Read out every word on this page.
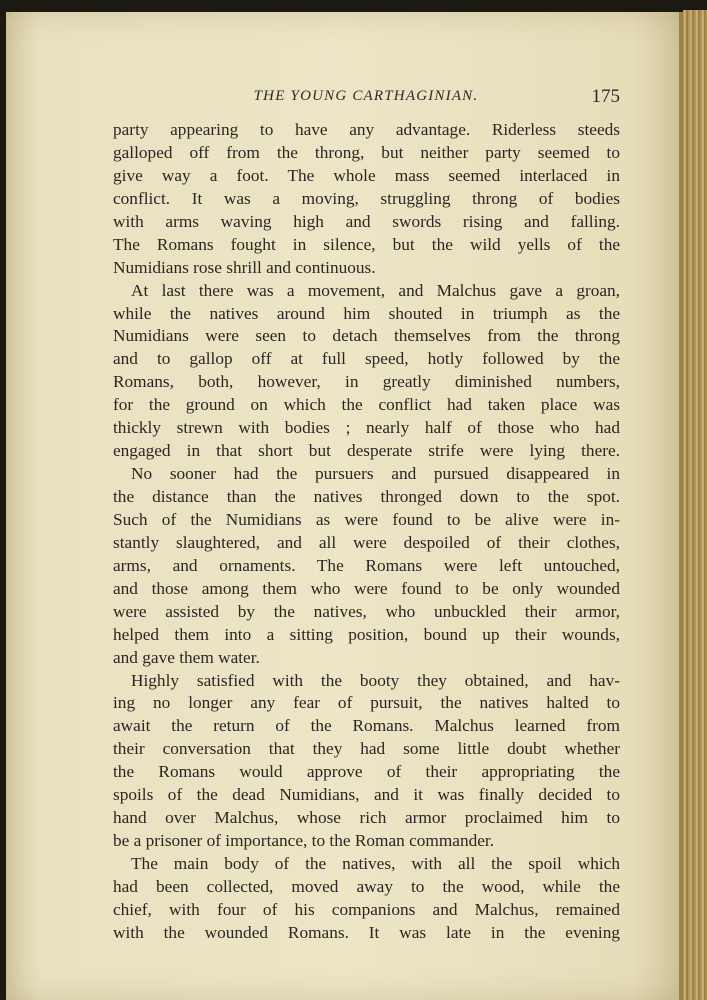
THE YOUNG CARTHAGINIAN.	175
party appearing to have any advantage. Riderless steeds
galloped off from the throng, but neither party seemed to
give way a foot. The whole mass seemed interlaced in
conflict. It was a moving, struggling throng of bodies
with arms waving high and swords rising and falling.
The Romans fought in silence, but the wild yells of the
Numidians rose shrill and continuous.
At last there was a movement, and Malchus gave a groan,
while the natives around him shouted in triumph as the
Numidians were seen to detach themselves from the throng
and to gallop off at full speed, hotly followed by the
Romans, both, however, in greatly diminished numbers,
for the ground on which the conflict had taken place was
thickly strewn with bodies ; nearly half of those who had
engaged in that short but desperate strife were lying there.
No sooner had the pursuers and pursued disappeared in
the distance than the natives thronged down to the spot.
Such of the Numidians as were found to be alive were in-
stantly slaughtered, and all were despoiled of their clothes,
arms, and ornaments. The Romans were left untouched,
and those among them who were found to be only wounded
were assisted by the natives, who unbuckled their armor,
helped them into a sitting position, bound up their wounds,
and gave them water.
Highly satisfied with the booty they obtained, and hav-
ing no longer any fear of pursuit, the natives halted to
await the return of the Romans. Malchus learned from
their conversation that they had some little doubt whether
the Romans would approve of their appropriating the
spoils of the dead Numidians, and it was finally decided to
hand over Malchus, whose rich armor proclaimed him to
be a prisoner of importance, to the Roman commander.
The main body of the natives, with all the spoil which
had been collected, moved away to the wood, while the
chief, with four of his companions and Malchus, remained
with the wounded Romans. It was late in the evening
